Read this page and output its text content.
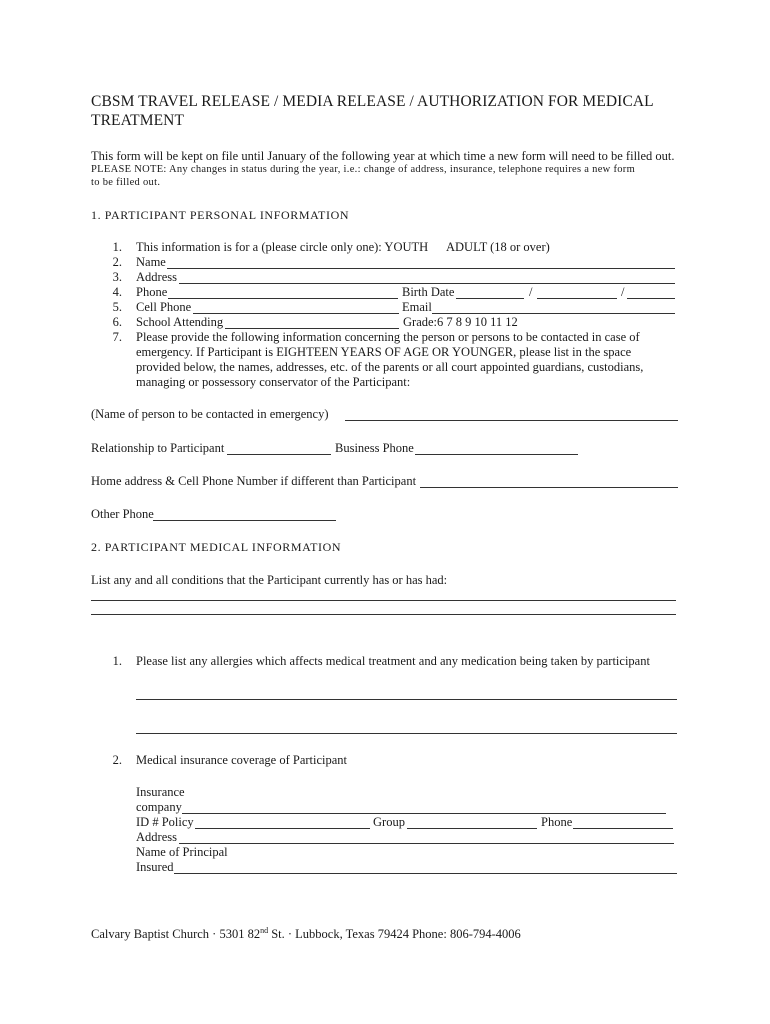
CBSM TRAVEL RELEASE / MEDIA RELEASE / AUTHORIZATION FOR MEDICAL TREATMENT
This form will be kept on file until January of the following year at which time a new form will need to be filled out.
PLEASE NOTE: Any changes in status during the year, i.e.: change of address, insurance, telephone requires a new form
to be filled out.
1. PARTICIPANT PERSONAL INFORMATION
1. This information is for a (please circle only one): YOUTH ADULT (18 or over)
2. Name
3. Address
4. Phone	Birth Date	/	/
5. Cell Phone	Email
6. School Attending	Grade:6 7 8 9 10 11 12
7. Please provide the following information concerning the person or persons to be contacted in case of
emergency. If Participant is EIGHTEEN YEARS OF AGE OR YOUNGER, please list in the space
provided below, the names, addresses, etc. of the parents or all court appointed guardians, custodians,
managing or possessory conservator of the Participant:
(Name of person to be contacted in emergency)
Relationship to Participant	Business Phone
Home address & Cell Phone Number if different than Participant
Other Phone
2. PARTICIPANT MEDICAL INFORMATION
List any and all conditions that the Participant currently has or has had:
1. Please list any allergies which affects medical treatment and any medication being taken by participant
2. Medical insurance coverage of Participant
Insurance
company
ID # Policy	Group	Phone
Address
Name of Principal
Insured
Calvary Baptist Church · 5301 82nd St. · Lubbock, Texas 79424 Phone: 806-794-4006
